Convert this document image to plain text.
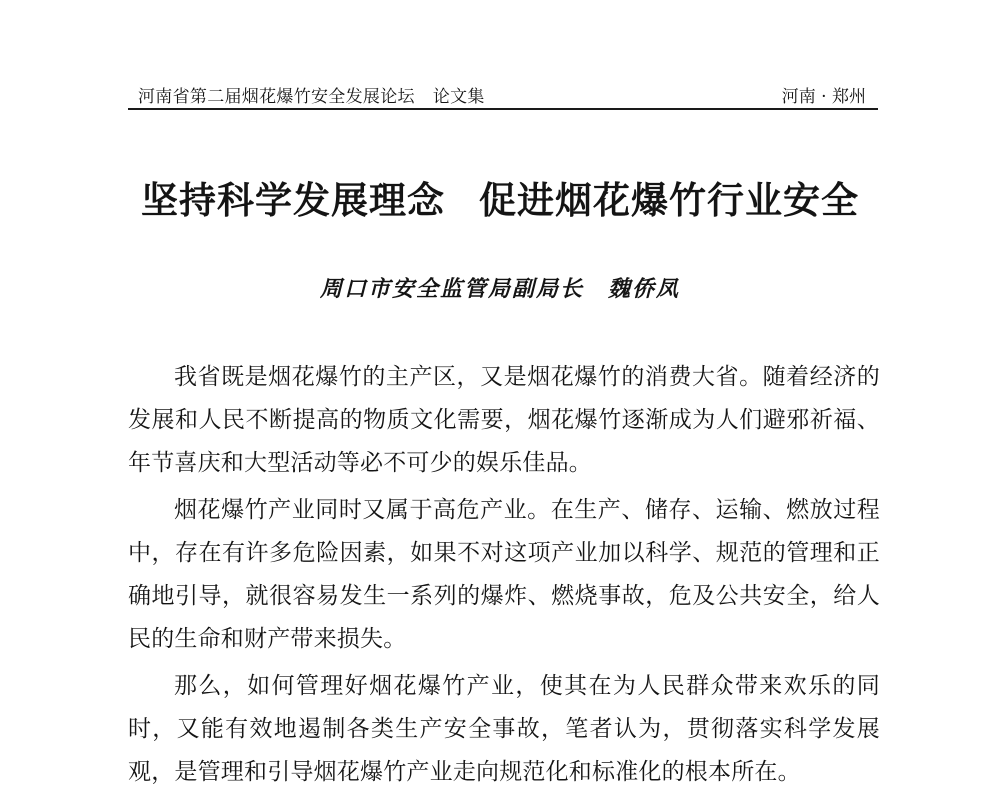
河南省第二届烟花爆竹安全发展论坛 论文集	河南 · 郑州
坚持科学发展理念 促进烟花爆竹行业安全
周口市安全监管局副局长 魏侨凤

我省既是烟花爆竹的主产区，又是烟花爆竹的消费大省。随着经济的发展和人民不断提高的物质文化需要，烟花爆竹逐渐成为人们避邪祈福、年节喜庆和大型活动等必不可少的娱乐佳品。

烟花爆竹产业同时又属于高危产业。在生产、储存、运输、燃放过程中，存在有许多危险因素，如果不对这项产业加以科学、规范的管理和正确地引导，就很容易发生一系列的爆炸、燃烧事故，危及公共安全，给人民的生命和财产带来损失。

那么，如何管理好烟花爆竹产业，使其在为人民群众带来欢乐的同时，又能有效地遏制各类生产安全事故，笔者认为，贯彻落实科学发展观，是管理和引导烟花爆竹产业走向规范化和标准化的根本所在。
